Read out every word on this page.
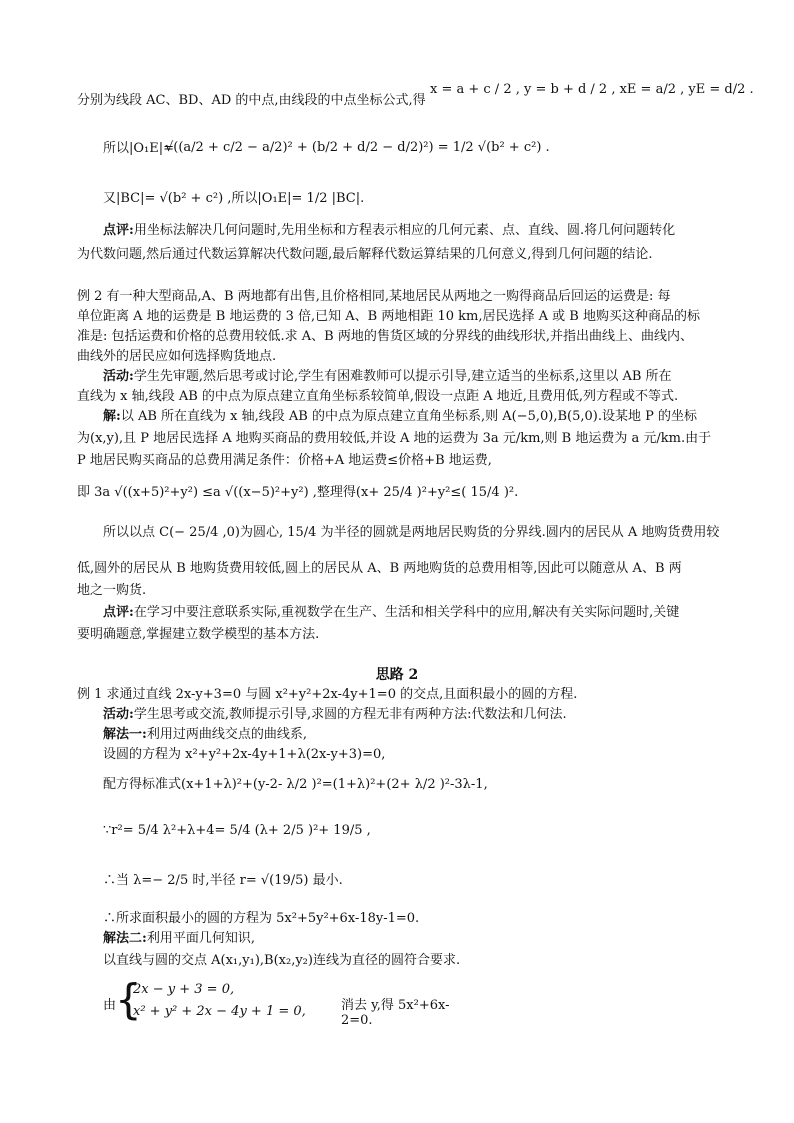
分别为线段 AC、BD、AD 的中点,由线段的中点坐标公式,得
x = a + c / 2 , y = b + d / 2 , xE = a/2 , yE = d/2 .
所以|O₁E|=
√((a/2 + c/2 − a/2)² + (b/2 + d/2 − d/2)²) = 1/2 √(b² + c²) .
又|BC|= √(b² + c²) ,所以|O₁E|= 1/2 |BC|.
点评:用坐标法解决几何问题时,先用坐标和方程表示相应的几何元素、点、直线、圆.将几何问题转化
为代数问题,然后通过代数运算解决代数问题,最后解释代数运算结果的几何意义,得到几何问题的结论.
例 2 有一种大型商品,A、B 两地都有出售,且价格相同,某地居民从两地之一购得商品后回运的运费是: 每
单位距离 A 地的运费是 B 地运费的 3 倍,已知 A、B 两地相距 10 km,居民选择 A 或 B 地购买这种商品的标
准是: 包括运费和价格的总费用较低.求 A、B 两地的售货区域的分界线的曲线形状,并指出曲线上、曲线内、
曲线外的居民应如何选择购货地点.
活动:学生先审题,然后思考或讨论,学生有困难教师可以提示引导,建立适当的坐标系,这里以 AB 所在
直线为 x 轴,线段 AB 的中点为原点建立直角坐标系较简单,假设一点距 A 地近,且费用低,列方程或不等式.
解:以 AB 所在直线为 x 轴,线段 AB 的中点为原点建立直角坐标系,则 A(−5,0),B(5,0).设某地 P 的坐标
为(x,y),且 P 地居民选择 A 地购买商品的费用较低,并设 A 地的运费为 3a 元/km,则 B 地运费为 a 元/km.由于
P 地居民购买商品的总费用满足条件：价格+A 地运费≤价格+B 地运费,
即 3a √((x+5)²+y²) ≤a √((x−5)²+y²) ,整理得(x+ 25/4 )²+y²≤( 15/4 )².
所以以点 C(− 25/4 ,0)为圆心, 15/4 为半径的圆就是两地居民购货的分界线.圆内的居民从 A 地购货费用较
低,圆外的居民从 B 地购货费用较低,圆上的居民从 A、B 两地购货的总费用相等,因此可以随意从 A、B 两
地之一购货.
点评:在学习中要注意联系实际,重视数学在生产、生活和相关学科中的应用,解决有关实际问题时,关键
要明确题意,掌握建立数学模型的基本方法.
思路 2
例 1 求通过直线 2x-y+3=0 与圆 x²+y²+2x-4y+1=0 的交点,且面积最小的圆的方程.
活动:学生思考或交流,教师提示引导,求圆的方程无非有两种方法:代数法和几何法.
解法一:利用过两曲线交点的曲线系,
设圆的方程为 x²+y²+2x-4y+1+λ(2x-y+3)=0,
配方得标准式(x+1+λ)²+(y-2- λ/2 )²=(1+λ)²+(2+ λ/2 )²-3λ-1,
∵r²= 5/4 λ²+λ+4= 5/4 (λ+ 2/5 )²+ 19/5 ,
∴当 λ=− 2/5 时,半径 r= √(19/5) 最小.
∴所求面积最小的圆的方程为 5x²+5y²+6x-18y-1=0.
解法二:利用平面几何知识,
以直线与圆的交点 A(x₁,y₁),B(x₂,y₂)连线为直径的圆符合要求.
由
{
2x − y + 3 = 0,
x² + y² + 2x − 4y + 1 = 0,	消去 y,得 5x²+6x-2=0.
